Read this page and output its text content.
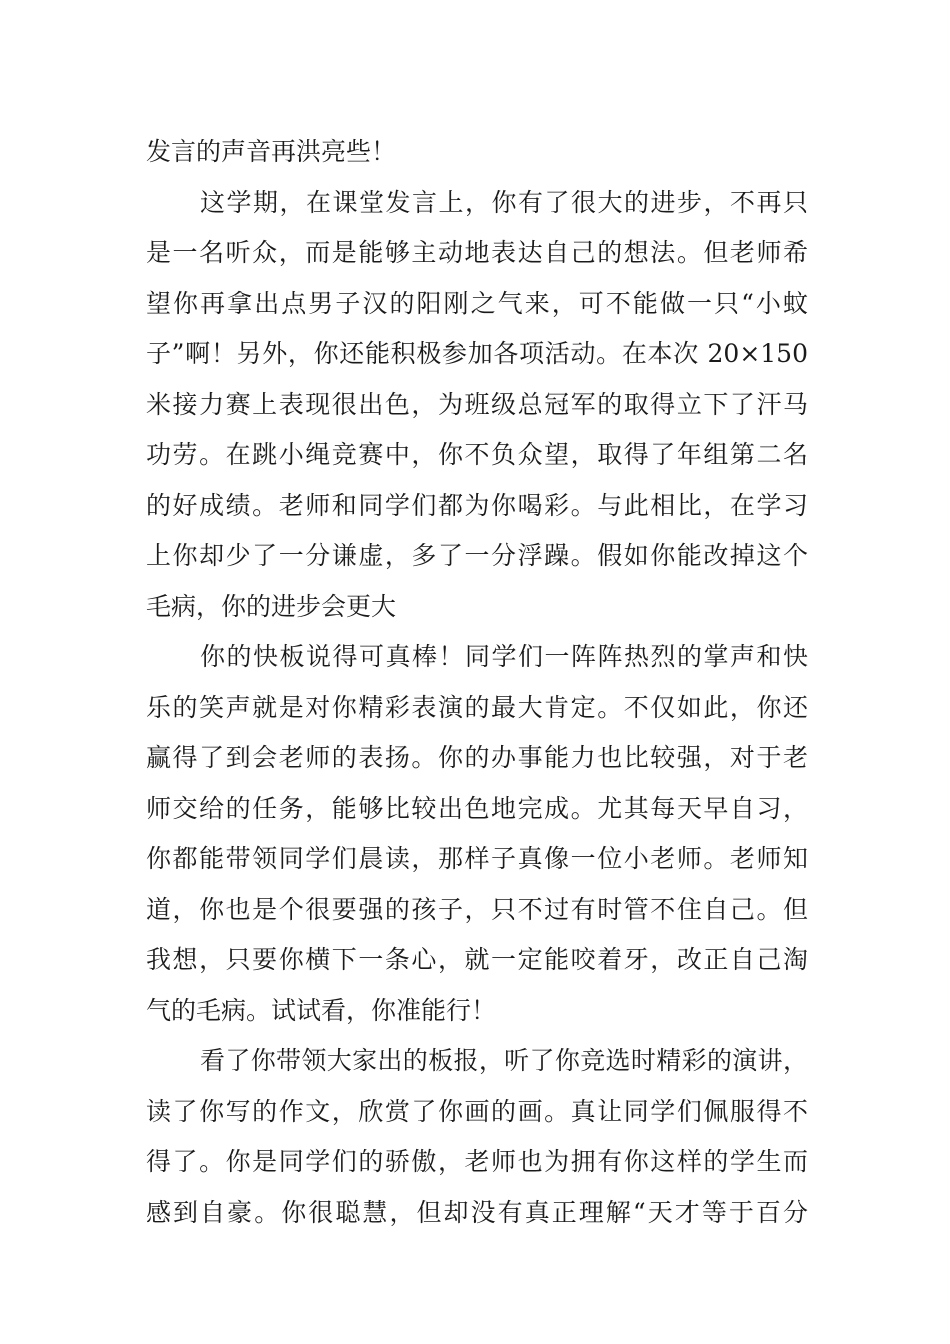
发言的声音再洪亮些！
这学期，在课堂发言上，你有了很大的进步，不再只
是一名听众，而是能够主动地表达自己的想法。但老师希
望你再拿出点男子汉的阳刚之气来，可不能做一只“小蚊
子”啊！另外，你还能积极参加各项活动。在本次 20×150
米接力赛上表现很出色，为班级总冠军的取得立下了汗马
功劳。在跳小绳竞赛中，你不负众望，取得了年组第二名
的好成绩。老师和同学们都为你喝彩。与此相比，在学习
上你却少了一分谦虚，多了一分浮躁。假如你能改掉这个
毛病，你的进步会更大
你的快板说得可真棒！同学们一阵阵热烈的掌声和快
乐的笑声就是对你精彩表演的最大肯定。不仅如此，你还
赢得了到会老师的表扬。你的办事能力也比较强，对于老
师交给的任务，能够比较出色地完成。尤其每天早自习，
你都能带领同学们晨读，那样子真像一位小老师。老师知
道，你也是个很要强的孩子，只不过有时管不住自己。但
我想，只要你横下一条心，就一定能咬着牙，改正自己淘
气的毛病。试试看，你准能行！
看了你带领大家出的板报，听了你竞选时精彩的演讲，
读了你写的作文，欣赏了你画的画。真让同学们佩服得不
得了。你是同学们的骄傲，老师也为拥有你这样的学生而
感到自豪。你很聪慧，但却没有真正理解“天才等于百分
